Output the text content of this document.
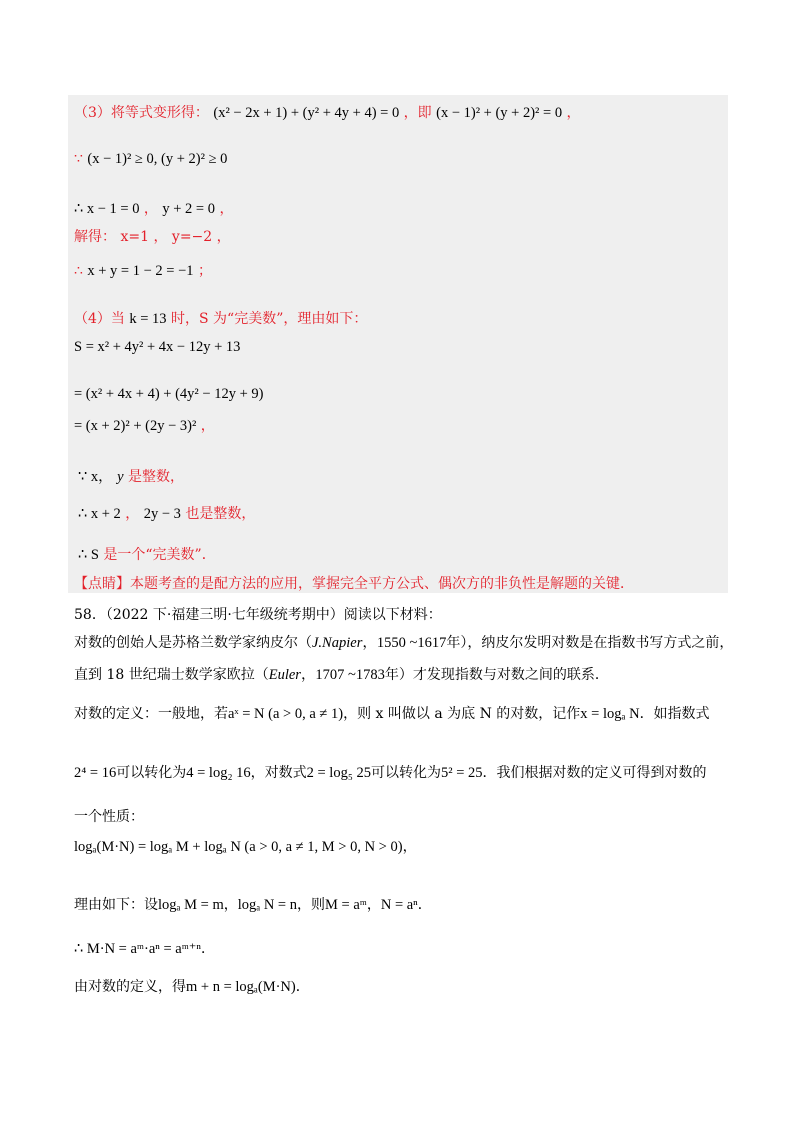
（3）将等式变形得： (x² − 2x + 1) + (y² + 4y + 4) = 0 ，即 (x − 1)² + (y + 2)² = 0 ，
∵ (x − 1)² ≥ 0, (y + 2)² ≥ 0
∴ x − 1 = 0 ， y + 2 = 0 ，
解得： x=1 ， y=−2 ，
∴ x + y = 1 − 2 = −1 ；
（4）当 k = 13 时，S 为“完美数”，理由如下：
S = x² + 4y² + 4x − 12y + 13
= (x² + 4x + 4) + (4y² − 12y + 9)
= (x + 2)² + (2y − 3)² ，
∵ x， y 是整数，
∴ x + 2 ， 2y − 3 也是整数，
∴ S 是一个“完美数”．
【点睛】本题考查的是配方法的应用，掌握完全平方公式、偶次方的非负性是解题的关键．
58．（2022 下·福建三明·七年级统考期中）阅读以下材料：
对数的创始人是苏格兰数学家纳皮尔（J.Napier，1550 ~1617年），纳皮尔发明对数是在指数书写方式之前，
直到 18 世纪瑞士数学家欧拉（Euler，1707 ~1783年）才发现指数与对数之间的联系．
对数的定义：一般地，若aˣ = N (a > 0, a ≠ 1)，则 x 叫做以 a 为底 N 的对数，记作x = logₐ N．如指数式
2⁴ = 16可以转化为4 = log₂ 16，对数式2 = log₅ 25可以转化为5² = 25．我们根据对数的定义可得到对数的
一个性质：
logₐ(M·N) = logₐ M + logₐ N (a > 0, a ≠ 1, M > 0, N > 0)，
理由如下：设logₐ M = m，logₐ N = n，则M = aᵐ，N = aⁿ．
∴ M·N = aᵐ·aⁿ = aᵐ⁺ⁿ．
由对数的定义，得m + n = logₐ(M·N)．
